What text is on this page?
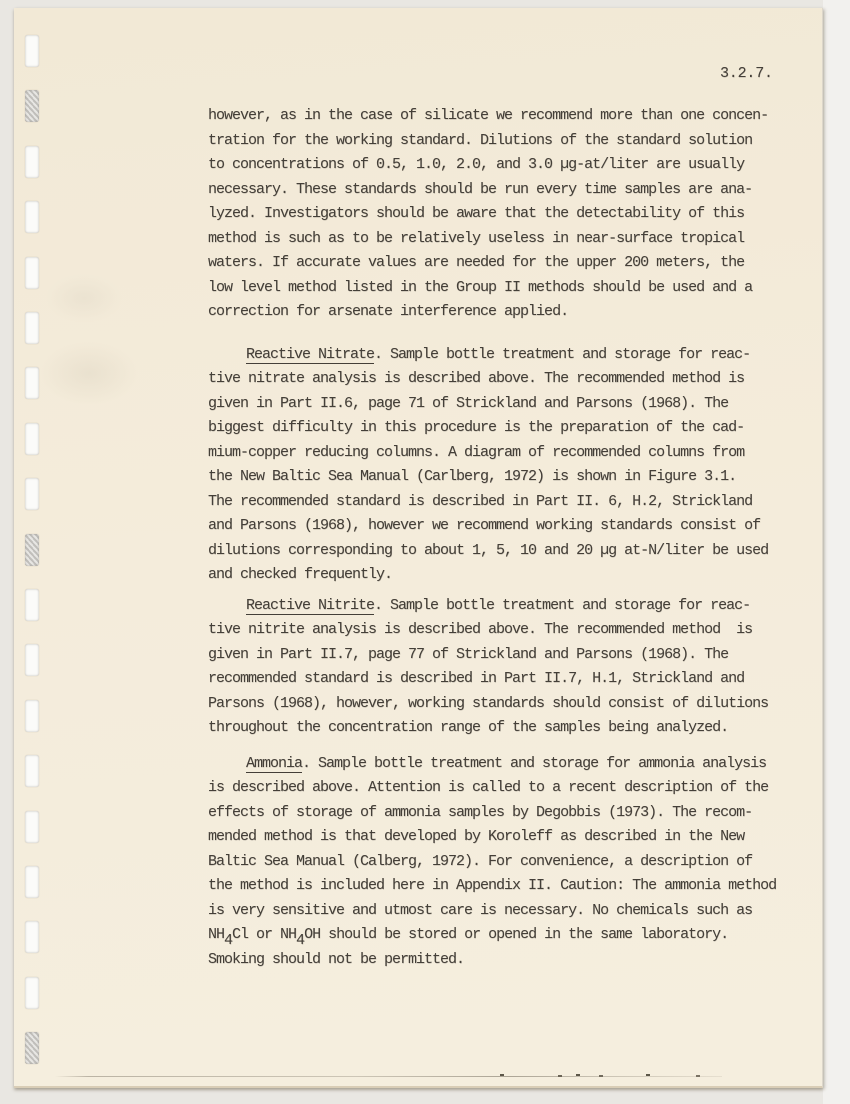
3.2.7.
however, as in the case of silicate we recommend more than one concen-
tration for the working standard. Dilutions of the standard solution
to concentrations of 0.5, 1.0, 2.0, and 3.0 µg-at/liter are usually
necessary. These standards should be run every time samples are ana-
lyzed. Investigators should be aware that the detectability of this
method is such as to be relatively useless in near-surface tropical
waters. If accurate values are needed for the upper 200 meters, the
low level method listed in the Group II methods should be used and a
correction for arsenate interference applied.
Reactive Nitrate. Sample bottle treatment and storage for reac-
tive nitrate analysis is described above. The recommended method is
given in Part II.6, page 71 of Strickland and Parsons (1968). The
biggest difficulty in this procedure is the preparation of the cad-
mium-copper reducing columns. A diagram of recommended columns from
the New Baltic Sea Manual (Carlberg, 1972) is shown in Figure 3.1.
The recommended standard is described in Part II. 6, H.2, Strickland
and Parsons (1968), however we recommend working standards consist of
dilutions corresponding to about 1, 5, 10 and 20 µg at-N/liter be used
and checked frequently.
Reactive Nitrite. Sample bottle treatment and storage for reac-
tive nitrite analysis is described above. The recommended method  is
given in Part II.7, page 77 of Strickland and Parsons (1968). The
recommended standard is described in Part II.7, H.1, Strickland and
Parsons (1968), however, working standards should consist of dilutions
throughout the concentration range of the samples being analyzed.
Ammonia. Sample bottle treatment and storage for ammonia analysis
is described above. Attention is called to a recent description of the
effects of storage of ammonia samples by Degobbis (1973). The recom-
mended method is that developed by Koroleff as described in the New
Baltic Sea Manual (Calberg, 1972). For convenience, a description of
the method is included here in Appendix II. Caution: The ammonia method
is very sensitive and utmost care is necessary. No chemicals such as
NH4Cl or NH4OH should be stored or opened in the same laboratory.
Smoking should not be permitted.
